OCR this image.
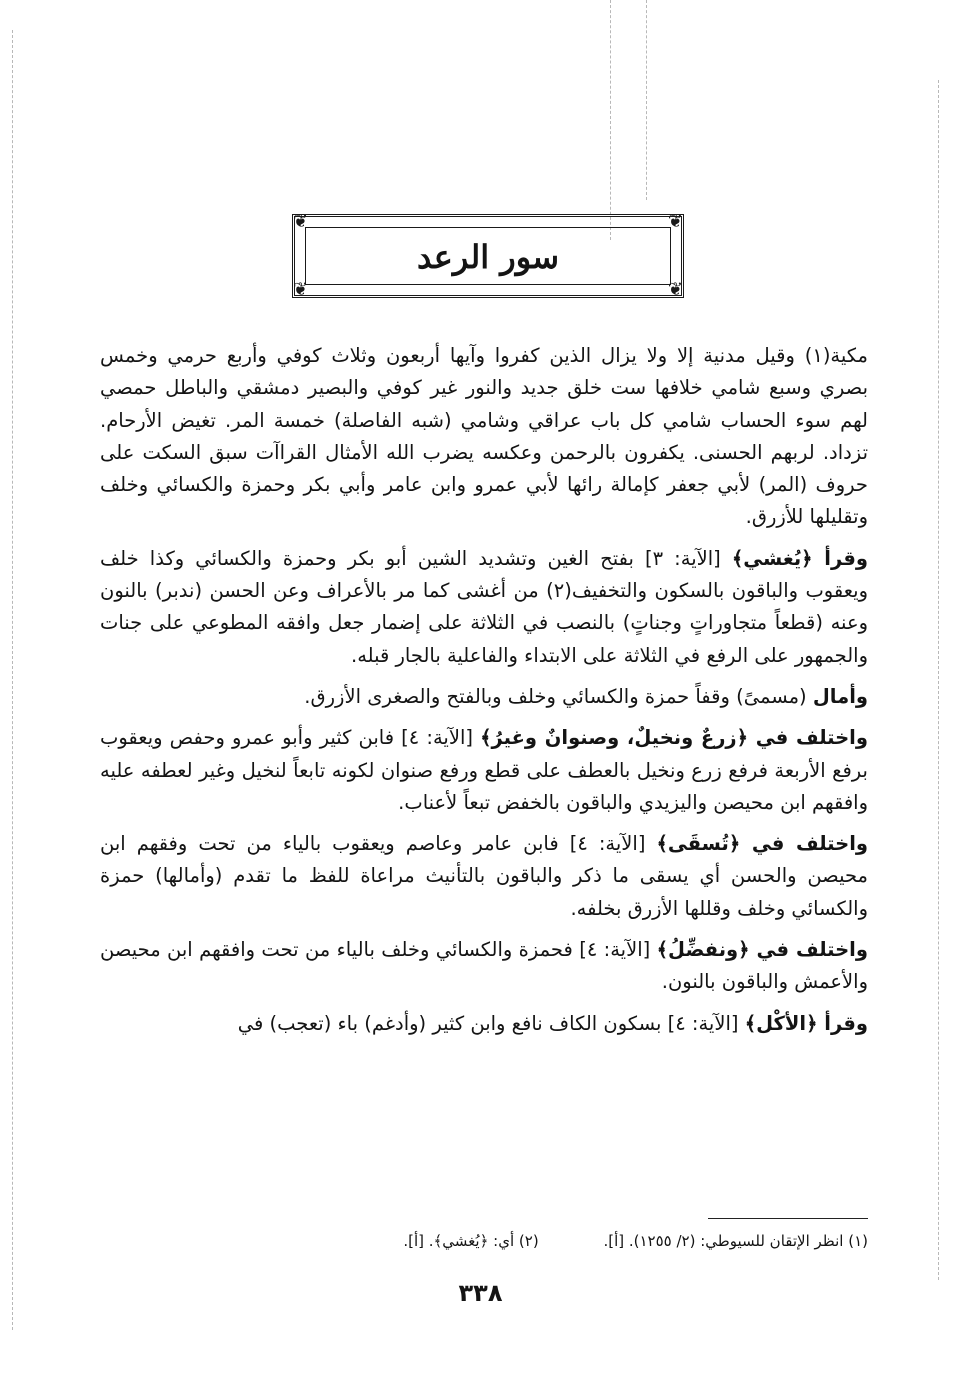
❦	❦
❦	❦
سور الرعد

مكية(١) وقيل مدنية إلا ولا يزال الذين كفروا وآيها أربعون وثلاث كوفي وأربع حرمي وخمس بصري وسبع شامي خلافها ست خلق جديد والنور غير كوفي والبصير دمشقي والباطل حمصي لهم سوء الحساب شامي كل باب عراقي وشامي (شبه الفاصلة) خمسة المر. تغيض الأرحام. تزداد. لربهم الحسنى. يكفرون بالرحمن وعكسه يضرب الله الأمثال القراآت سبق السكت على حروف (المر) لأبي جعفر كإمالة رائها لأبي عمرو وابن عامر وأبي بكر وحمزة والكسائي وخلف وتقليلها للأزرق.

وقرأ ﴿يُغشي﴾ [الآية: ٣] بفتح الغين وتشديد الشين أبو بكر وحمزة والكسائي وكذا خلف ويعقوب والباقون بالسكون والتخفيف(٢) من أغشى كما مر بالأعراف وعن الحسن (ندبر) بالنون وعنه (قطعاً متجاوراتٍ وجناتٍ) بالنصب في الثلاثة على إضمار جعل وافقه المطوعي على جنات والجمهور على الرفع في الثلاثة على الابتداء والفاعلية بالجار قبله.

وأمال (مسمىً) وقفاً حمزة والكسائي وخلف وبالفتح والصغرى الأزرق.

واختلف في ﴿زرعٌ ونخيلٌ، وصنوانٌ وغيرُ﴾ [الآية: ٤] فابن كثير وأبو عمرو وحفص ويعقوب برفع الأربعة فرفع زرع ونخيل بالعطف على قطع ورفع صنوان لكونه تابعاً لنخيل وغير لعطفه عليه وافقهم ابن محيصن واليزيدي والباقون بالخفض تبعاً لأعناب.

واختلف في ﴿تُسقَى﴾ [الآية: ٤] فابن عامر وعاصم ويعقوب بالياء من تحت وفقهم ابن محيصن والحسن أي يسقى ما ذكر والباقون بالتأنيث مراعاة للفظ ما تقدم (وأمالها) حمزة والكسائي وخلف وقللها الأزرق بخلفه.

واختلف في ﴿ونفضِّلُ﴾ [الآية: ٤] فحمزة والكسائي وخلف بالياء من تحت وافقهم ابن محيصن والأعمش والباقون بالنون.

وقرأ ﴿الأكْل﴾ [الآية: ٤] بسكون الكاف نافع وابن كثير (وأدغم) باء (تعجب) في

(١) انظر الإتقان للسيوطي: (٢/ ١٢٥٥). [أ]. (٢) أي: ﴿يُغشي﴾. [أ].
٣٣٨
